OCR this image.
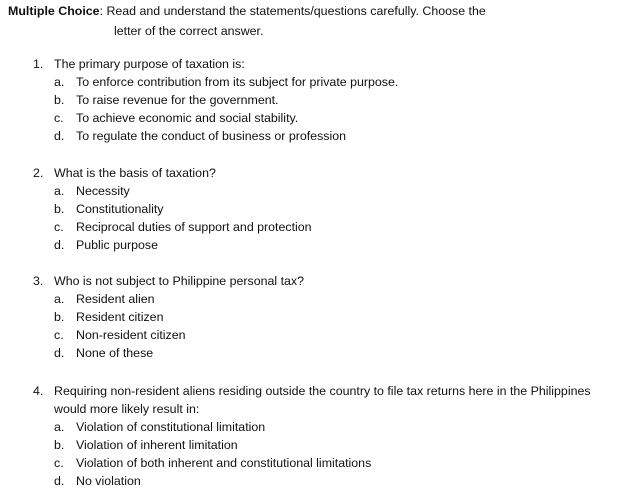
Multiple Choice: Read and understand the statements/questions carefully. Choose the
letter of the correct answer.
1. The primary purpose of taxation is:
a. To enforce contribution from its subject for private purpose.
b. To raise revenue for the government.
c. To achieve economic and social stability.
d. To regulate the conduct of business or profession
2. What is the basis of taxation?
a. Necessity
b. Constitutionality
c. Reciprocal duties of support and protection
d. Public purpose
3. Who is not subject to Philippine personal tax?
a. Resident alien
b. Resident citizen
c. Non-resident citizen
d. None of these
4. Requiring non-resident aliens residing outside the country to file tax returns here in the Philippines would more likely result in:
a. Violation of constitutional limitation
b. Violation of inherent limitation
c. Violation of both inherent and constitutional limitations
d. No violation
